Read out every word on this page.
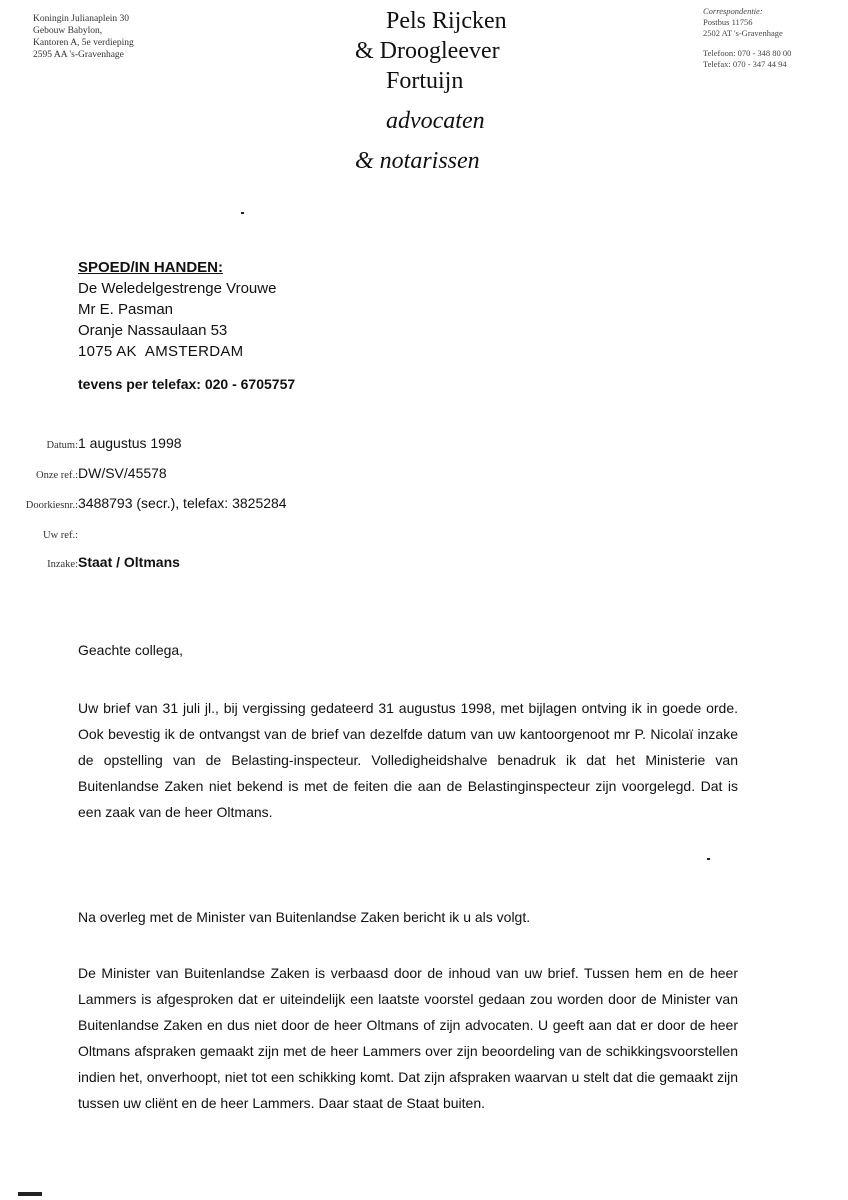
Koningin Julianaplein 30
Gebouw Babylon,
Kantoren A, 5e verdieping
2595 AA 's-Gravenhage
Pels Rijcken
& Droogleever
Fortuijn
advocaten
& notarissen
Correspondentie:
Postbus 11756
2502 AT 's-Gravenhage
Telefoon: 070 - 348 80 00
Telefax: 070 - 347 44 94
SPOED/IN HANDEN:
De Weledelgestrenge Vrouwe
Mr E. Pasman
Oranje Nassaulaan 53
1075 AK  AMSTERDAM
tevens per telefax: 020 - 6705757
Datum: 1 augustus 1998
Onze ref.: DW/SV/45578
Doorkiesnr.: 3488793 (secr.), telefax: 3825284
Uw ref.:
Inzake: Staat / Oltmans
Geachte collega,
Uw brief van 31 juli jl., bij vergissing gedateerd 31 augustus 1998, met bijlagen ontving ik in goede orde. Ook bevestig ik de ontvangst van de brief van dezelfde datum van uw kantoorgenoot mr P. Nicolaï inzake de opstelling van de Belasting-inspecteur. Volledigheidshalve benadruk ik dat het Ministerie van Buitenlandse Zaken niet bekend is met de feiten die aan de Belastinginspecteur zijn voorgelegd. Dat is een zaak van de heer Oltmans.
Na overleg met de Minister van Buitenlandse Zaken bericht ik u als volgt.
De Minister van Buitenlandse Zaken is verbaasd door de inhoud van uw brief. Tussen hem en de heer Lammers is afgesproken dat er uiteindelijk een laatste voorstel gedaan zou worden door de Minister van Buitenlandse Zaken en dus niet door de heer Oltmans of zijn advocaten. U geeft aan dat er door de heer Oltmans afspraken gemaakt zijn met de heer Lammers over zijn beoordeling van de schikkingsvoorstellen indien het, onverhoopt, niet tot een schikking komt. Dat zijn afspraken waarvan u stelt dat die gemaakt zijn tussen uw cliënt en de heer Lammers. Daar staat de Staat buiten.
